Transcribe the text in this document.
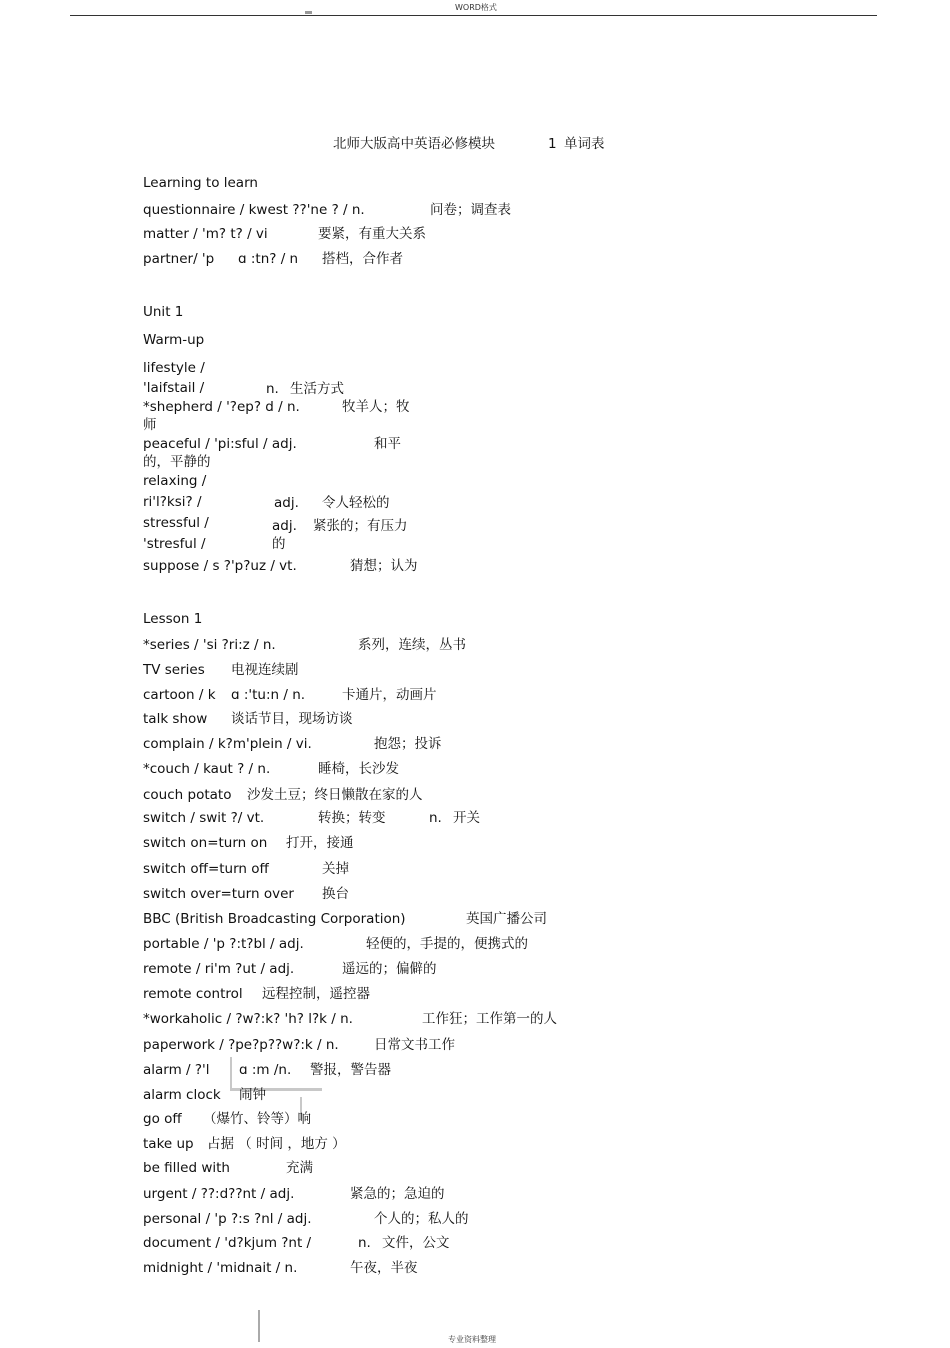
WORD格式
北师大版高中英语必修模块	1 单词表
Learning to learn
questionnaire / kwest ??'ne ? / n.	问卷；调查表
matter / 'm? t? / vi	要紧，有重大关系
partner/ 'p ɑ :tn? / n 搭档，合作者
Unit 1
Warm-up
lifestyle /
'laifstail /	n. 生活方式
*shepherd / '?ep? d / n.	牧羊人；牧
师
peaceful / 'pi:sful / adj.	和平
的，平静的
relaxing /
ri'l?ksi? /	adj. 令人轻松的
stressful /
'stresful /
adj. 紧张的；有压力
的
suppose / s ?'p?uz / vt.	猜想；认为
Lesson 1
*series / 'si ?ri:z / n.	系列，连续，丛书
TV series 电视连续剧
cartoon / k ɑ :'tu:n / n.	卡通片，动画片
talk show 谈话节目，现场访谈
complain / k?m'plein / vi.	抱怨；投诉
*couch / kaut ? / n.	睡椅，长沙发
couch potato 沙发土豆；终日懒散在家的人
switch / swit ?/ vt.	转换；转变	n. 开关
switch on=turn on 打开，接通
switch off=turn off	关掉
switch over=turn over 换台
BBC (British Broadcasting Corporation)	英国广播公司
portable / 'p ?:t?bl / adj.	轻便的，手提的，便携式的
remote / ri'm ?ut / adj.	遥远的；偏僻的
remote control 远程控制，遥控器
*workaholic / ?w?:k? 'h? l?k / n.	工作狂；工作第一的人
paperwork / ?pe?p??w?:k / n.	日常文书工作
alarm / ?'l ɑ :m /n. 警报，警告器
alarm clock 闹钟
go off （爆竹、铃等）响
take up 占据 （ 时间 ，地方 ）
be filled with	充满
urgent / ??:d??nt / adj.	紧急的；急迫的
personal / 'p ?:s ?nl / adj.	个人的；私人的
document / 'd?kjum ?nt /	n. 文件，公文
midnight / 'midnait / n.	午夜，半夜
专业资料整理
